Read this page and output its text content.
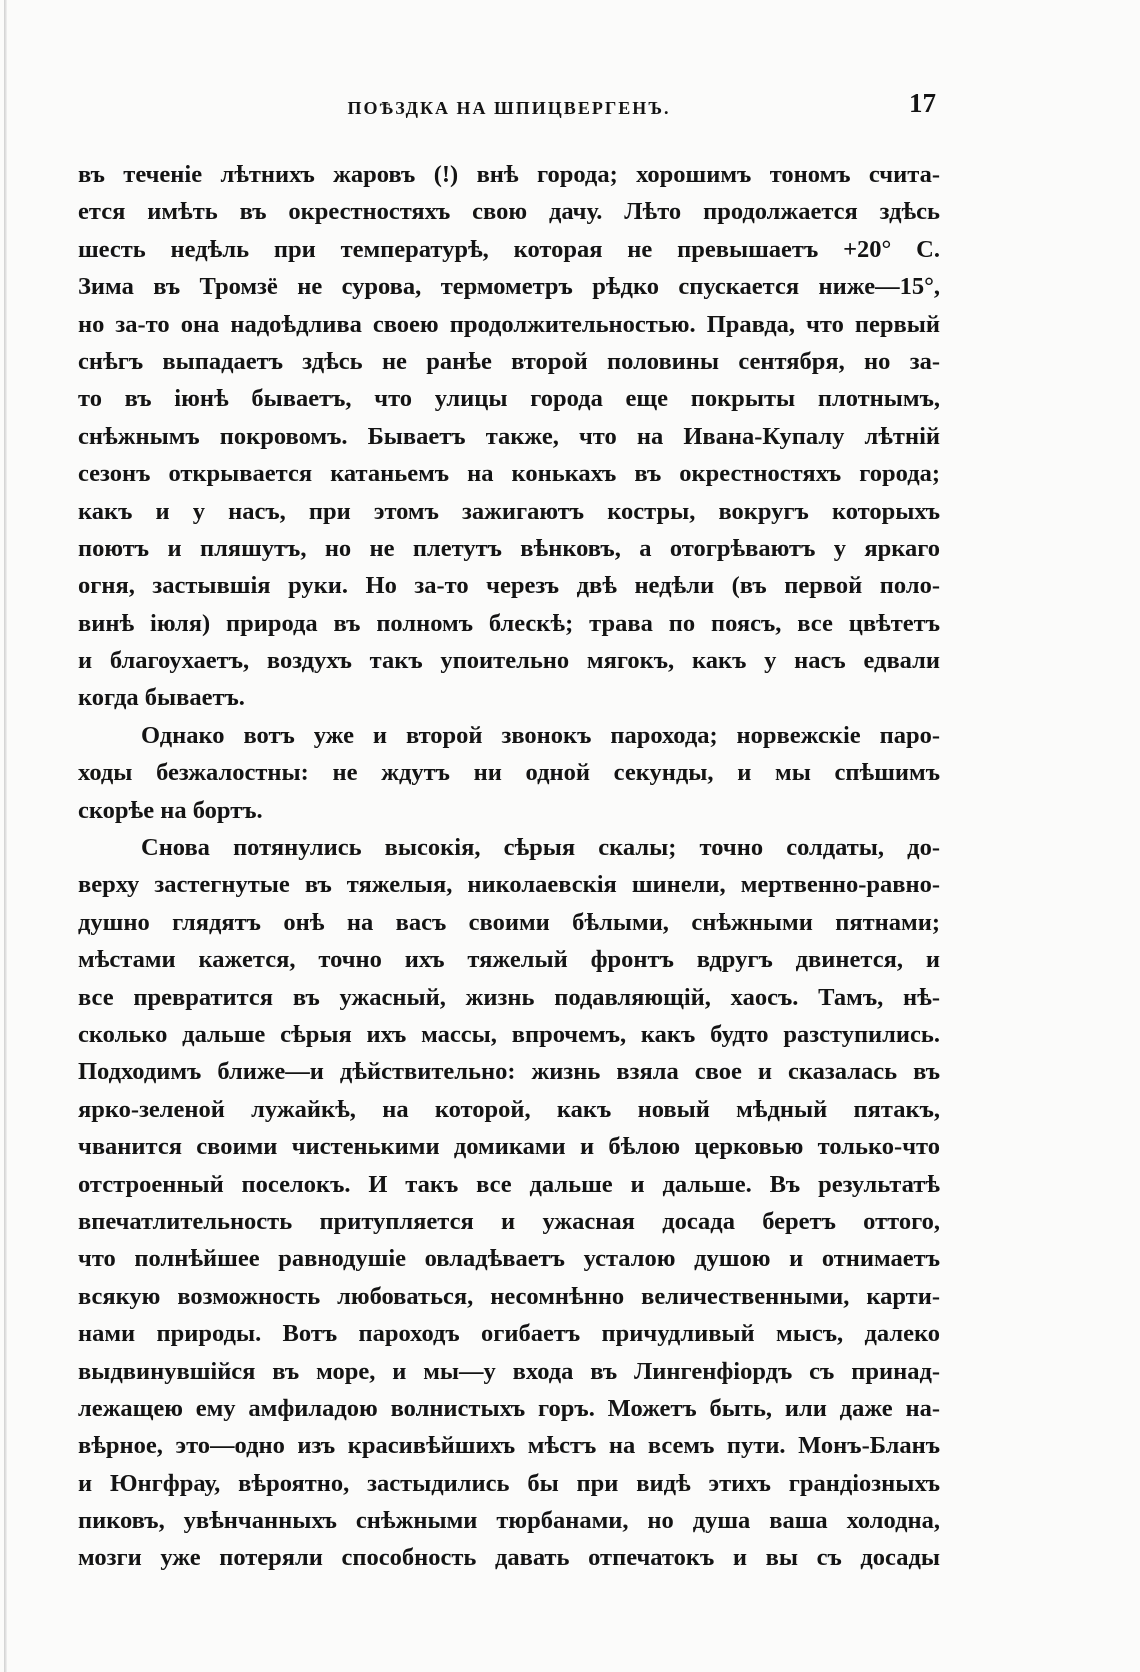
ПОѢЗДКА НА ШПИЦВЕРГЕНЪ.	17
въ теченіе лѣтнихъ жаровъ (!) внѣ города; хорошимъ тономъ счита-
ется имѣть въ окрестностяхъ свою дачу. Лѣто продолжается здѣсь
шесть недѣль при температурѣ, которая не превышаетъ +20° С.
Зима въ Тромзё не сурова, термометръ рѣдко спускается ниже—15°,
но за-то она надоѣдлива своею продолжительностью. Правда, что первый
снѣгъ выпадаетъ здѣсь не ранѣе второй половины сентября, но за-
то въ іюнѣ бываетъ, что улицы города еще покрыты плотнымъ,
снѣжнымъ покровомъ. Бываетъ также, что на Ивана-Купалу лѣтній
сезонъ открывается катаньемъ на конькахъ въ окрестностяхъ города;
какъ и у насъ, при этомъ зажигаютъ костры, вокругъ которыхъ
поютъ и пляшутъ, но не плетутъ вѣнковъ, а отогрѣваютъ у яркаго
огня, застывшія руки. Но за-то черезъ двѣ недѣли (въ первой поло-
винѣ іюля) природа въ полномъ блескѣ; трава по поясъ, все цвѣтетъ
и благоухаетъ, воздухъ такъ упоительно мягокъ, какъ у насъ едвали
когда бываетъ.
Однако вотъ уже и второй звонокъ парохода; норвежскіе паро-
ходы безжалостны: не ждутъ ни одной секунды, и мы спѣшимъ
скорѣе на бортъ.
Снова потянулись высокія, сѣрыя скалы; точно солдаты, до-
верху застегнутые въ тяжелыя, николаевскія шинели, мертвенно-равно-
душно глядятъ онѣ на васъ своими бѣлыми, снѣжными пятнами;
мѣстами кажется, точно ихъ тяжелый фронтъ вдругъ двинется, и
все превратится въ ужасный, жизнь подавляющій, хаосъ. Тамъ, нѣ-
сколько дальше сѣрыя ихъ массы, впрочемъ, какъ будто разступились.
Подходимъ ближе—и дѣйствительно: жизнь взяла свое и сказалась въ
ярко-зеленой лужайкѣ, на которой, какъ новый мѣдный пятакъ,
чванится своими чистенькими домиками и бѣлою церковью только-что
отстроенный поселокъ. И такъ все дальше и дальше. Въ результатѣ
впечатлительность притупляется и ужасная досада беретъ оттого,
что полнѣйшее равнодушіе овладѣваетъ усталою душою и отнимаетъ
всякую возможность любоваться, несомнѣнно величественными, карти-
нами природы. Вотъ пароходъ огибаетъ причудливый мысъ, далеко
выдвинувшійся въ море, и мы—у входа въ Лингенфіордъ съ принад-
лежащею ему амфиладою волнистыхъ горъ. Можетъ быть, или даже на-
вѣрное, это—одно изъ красивѣйшихъ мѣстъ на всемъ пути. Монъ-Бланъ
и Юнгфрау, вѣроятно, застыдились бы при видѣ этихъ грандіозныхъ
пиковъ, увѣнчанныхъ снѣжными тюрбанами, но душа ваша холодна,
мозги уже потеряли способность давать отпечатокъ и вы съ досады
